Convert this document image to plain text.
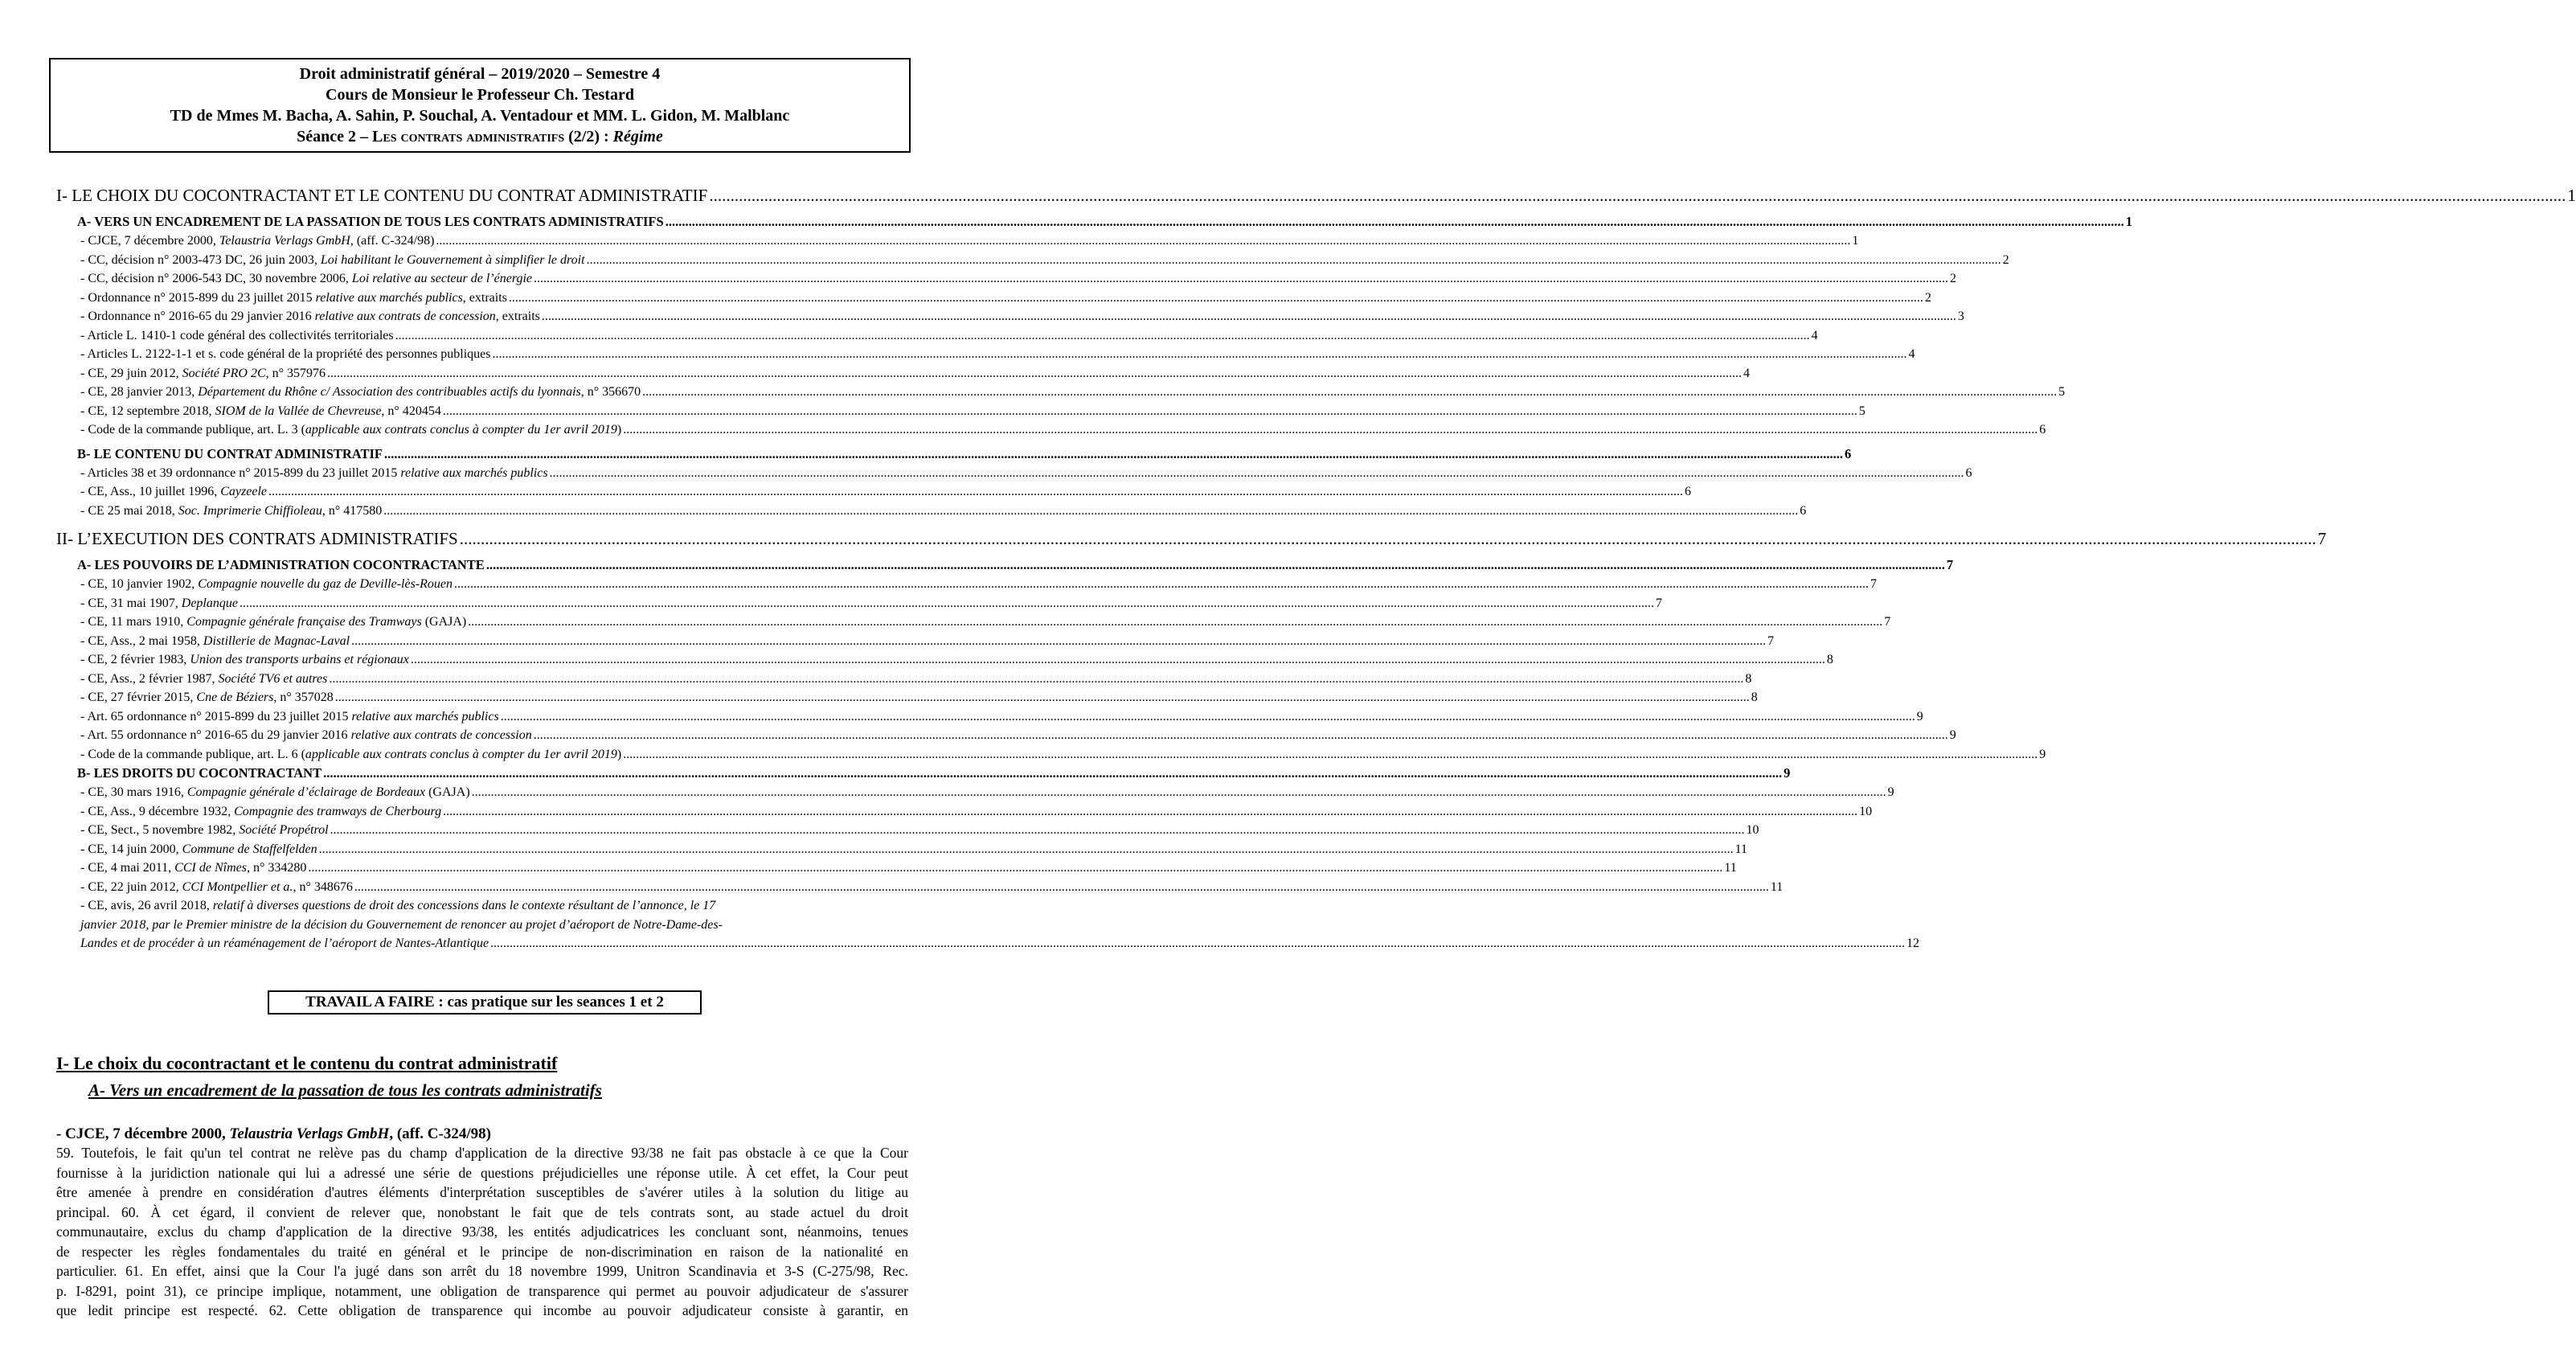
Droit administratif général – 2019/2020 – Semestre 4
Cours de Monsieur le Professeur Ch. Testard
TD de Mmes M. Bacha, A. Sahin, P. Souchal, A. Ventadour et MM. L. Gidon, M. Malblanc
Séance 2 – Les contrats administratifs (2/2) : Régime
I- LE CHOIX DU COCONTRACTANT ET LE CONTENU DU CONTRAT ADMINISTRATIF .....	1
A- VERS UN ENCADREMENT DE LA PASSATION DE TOUS LES CONTRATS ADMINISTRATIFS .....	1
- CJCE, 7 décembre 2000, Telaustria Verlags GmbH, (aff. C-324/98) .....	1
- CC, décision n° 2003-473 DC, 26 juin 2003, Loi habilitant le Gouvernement à simplifier le droit .....	2
- CC, décision n° 2006-543 DC, 30 novembre 2006, Loi relative au secteur de l’énergie .....	2
- Ordonnance n° 2015-899 du 23 juillet 2015 relative aux marchés publics, extraits .....	2
- Ordonnance n° 2016-65 du 29 janvier 2016 relative aux contrats de concession, extraits .....	3
- Article L. 1410-1 code général des collectivités territoriales .....	4
- Articles L. 2122-1-1 et s. code général de la propriété des personnes publiques .....	4
- CE, 29 juin 2012, Société PRO 2C, n° 357976 .....	4
- CE, 28 janvier 2013, Département du Rhône c/ Association des contribuables actifs du lyonnais, n° 356670 .....	5
- CE, 12 septembre 2018, SIOM de la Vallée de Chevreuse, n° 420454 .....	5
- Code de la commande publique, art. L. 3 (applicable aux contrats conclus à compter du 1er avril 2019) .....	6
B- LE CONTENU DU CONTRAT ADMINISTRATIF .....	6
- Articles 38 et 39 ordonnance n° 2015-899 du 23 juillet 2015 relative aux marchés publics .....	6
- CE, Ass., 10 juillet 1996, Cayzeele .....	6
- CE 25 mai 2018, Soc. Imprimerie Chiffioleau, n° 417580 .....	6
II- L’EXECUTION DES CONTRATS ADMINISTRATIFS .....	7
A- LES POUVOIRS DE L’ADMINISTRATION COCONTRACTANTE .....	7
- CE, 10 janvier 1902, Compagnie nouvelle du gaz de Deville-lès-Rouen .....	7
- CE, 31 mai 1907, Deplanque .....	7
- CE, 11 mars 1910, Compagnie générale française des Tramways (GAJA) .....	7
- CE, Ass., 2 mai 1958, Distillerie de Magnac-Laval .....	7
- CE, 2 février 1983, Union des transports urbains et régionaux .....	8
- CE, Ass., 2 février 1987, Société TV6 et autres .....	8
- CE, 27 février 2015, Cne de Béziers, n° 357028 .....	8
- Art. 65 ordonnance n° 2015-899 du 23 juillet 2015 relative aux marchés publics .....	9
- Art. 55 ordonnance n° 2016-65 du 29 janvier 2016 relative aux contrats de concession .....	9
- Code de la commande publique, art. L. 6 (applicable aux contrats conclus à compter du 1er avril 2019) .....	9
B- LES DROITS DU COCONTRACTANT .....	9
- CE, 30 mars 1916, Compagnie générale d’éclairage de Bordeaux (GAJA) .....	9
- CE, Ass., 9 décembre 1932, Compagnie des tramways de Cherbourg .....	10
- CE, Sect., 5 novembre 1982, Société Propétrol .....	10
- CE, 14 juin 2000, Commune de Staffelfelden .....	11
- CE, 4 mai 2011, CCI de Nîmes, n° 334280 .....	11
- CE, 22 juin 2012, CCI Montpellier et a., n° 348676 .....	11
- CE, avis, 26 avril 2018, relatif à diverses questions de droit des concessions dans le contexte résultant de l’annonce, le 17
janvier 2018, par le Premier ministre de la décision du Gouvernement de renoncer au projet d’aéroport de Notre-Dame-des-
Landes et de procéder à un réaménagement de l’aéroport de Nantes-Atlantique .....	12
TRAVAIL A FAIRE : cas pratique sur les seances 1 et 2
I- Le choix du cocontractant et le contenu du contrat administratif
A- Vers un encadrement de la passation de tous les contrats administratifs
- CJCE, 7 décembre 2000, Telaustria Verlags GmbH, (aff. C-324/98)
59. Toutefois, le fait qu'un tel contrat ne relève pas du champ d'application de la directive 93/38 ne fait pas obstacle à ce que la Cour
fournisse à la juridiction nationale qui lui a adressé une série de questions préjudicielles une réponse utile. À cet effet, la Cour peut
être amenée à prendre en considération d'autres éléments d'interprétation susceptibles de s'avérer utiles à la solution du litige au
principal. 60. À cet égard, il convient de relever que, nonobstant le fait que de tels contrats sont, au stade actuel du droit
communautaire, exclus du champ d'application de la directive 93/38, les entités adjudicatrices les concluant sont, néanmoins, tenues
de respecter les règles fondamentales du traité en général et le principe de non-discrimination en raison de la nationalité en
particulier. 61. En effet, ainsi que la Cour l'a jugé dans son arrêt du 18 novembre 1999, Unitron Scandinavia et 3-S (C-275/98, Rec.
p. I-8291, point 31), ce principe implique, notamment, une obligation de transparence qui permet au pouvoir adjudicateur de s'assurer
que ledit principe est respecté. 62. Cette obligation de transparence qui incombe au pouvoir adjudicateur consiste à garantir, en
